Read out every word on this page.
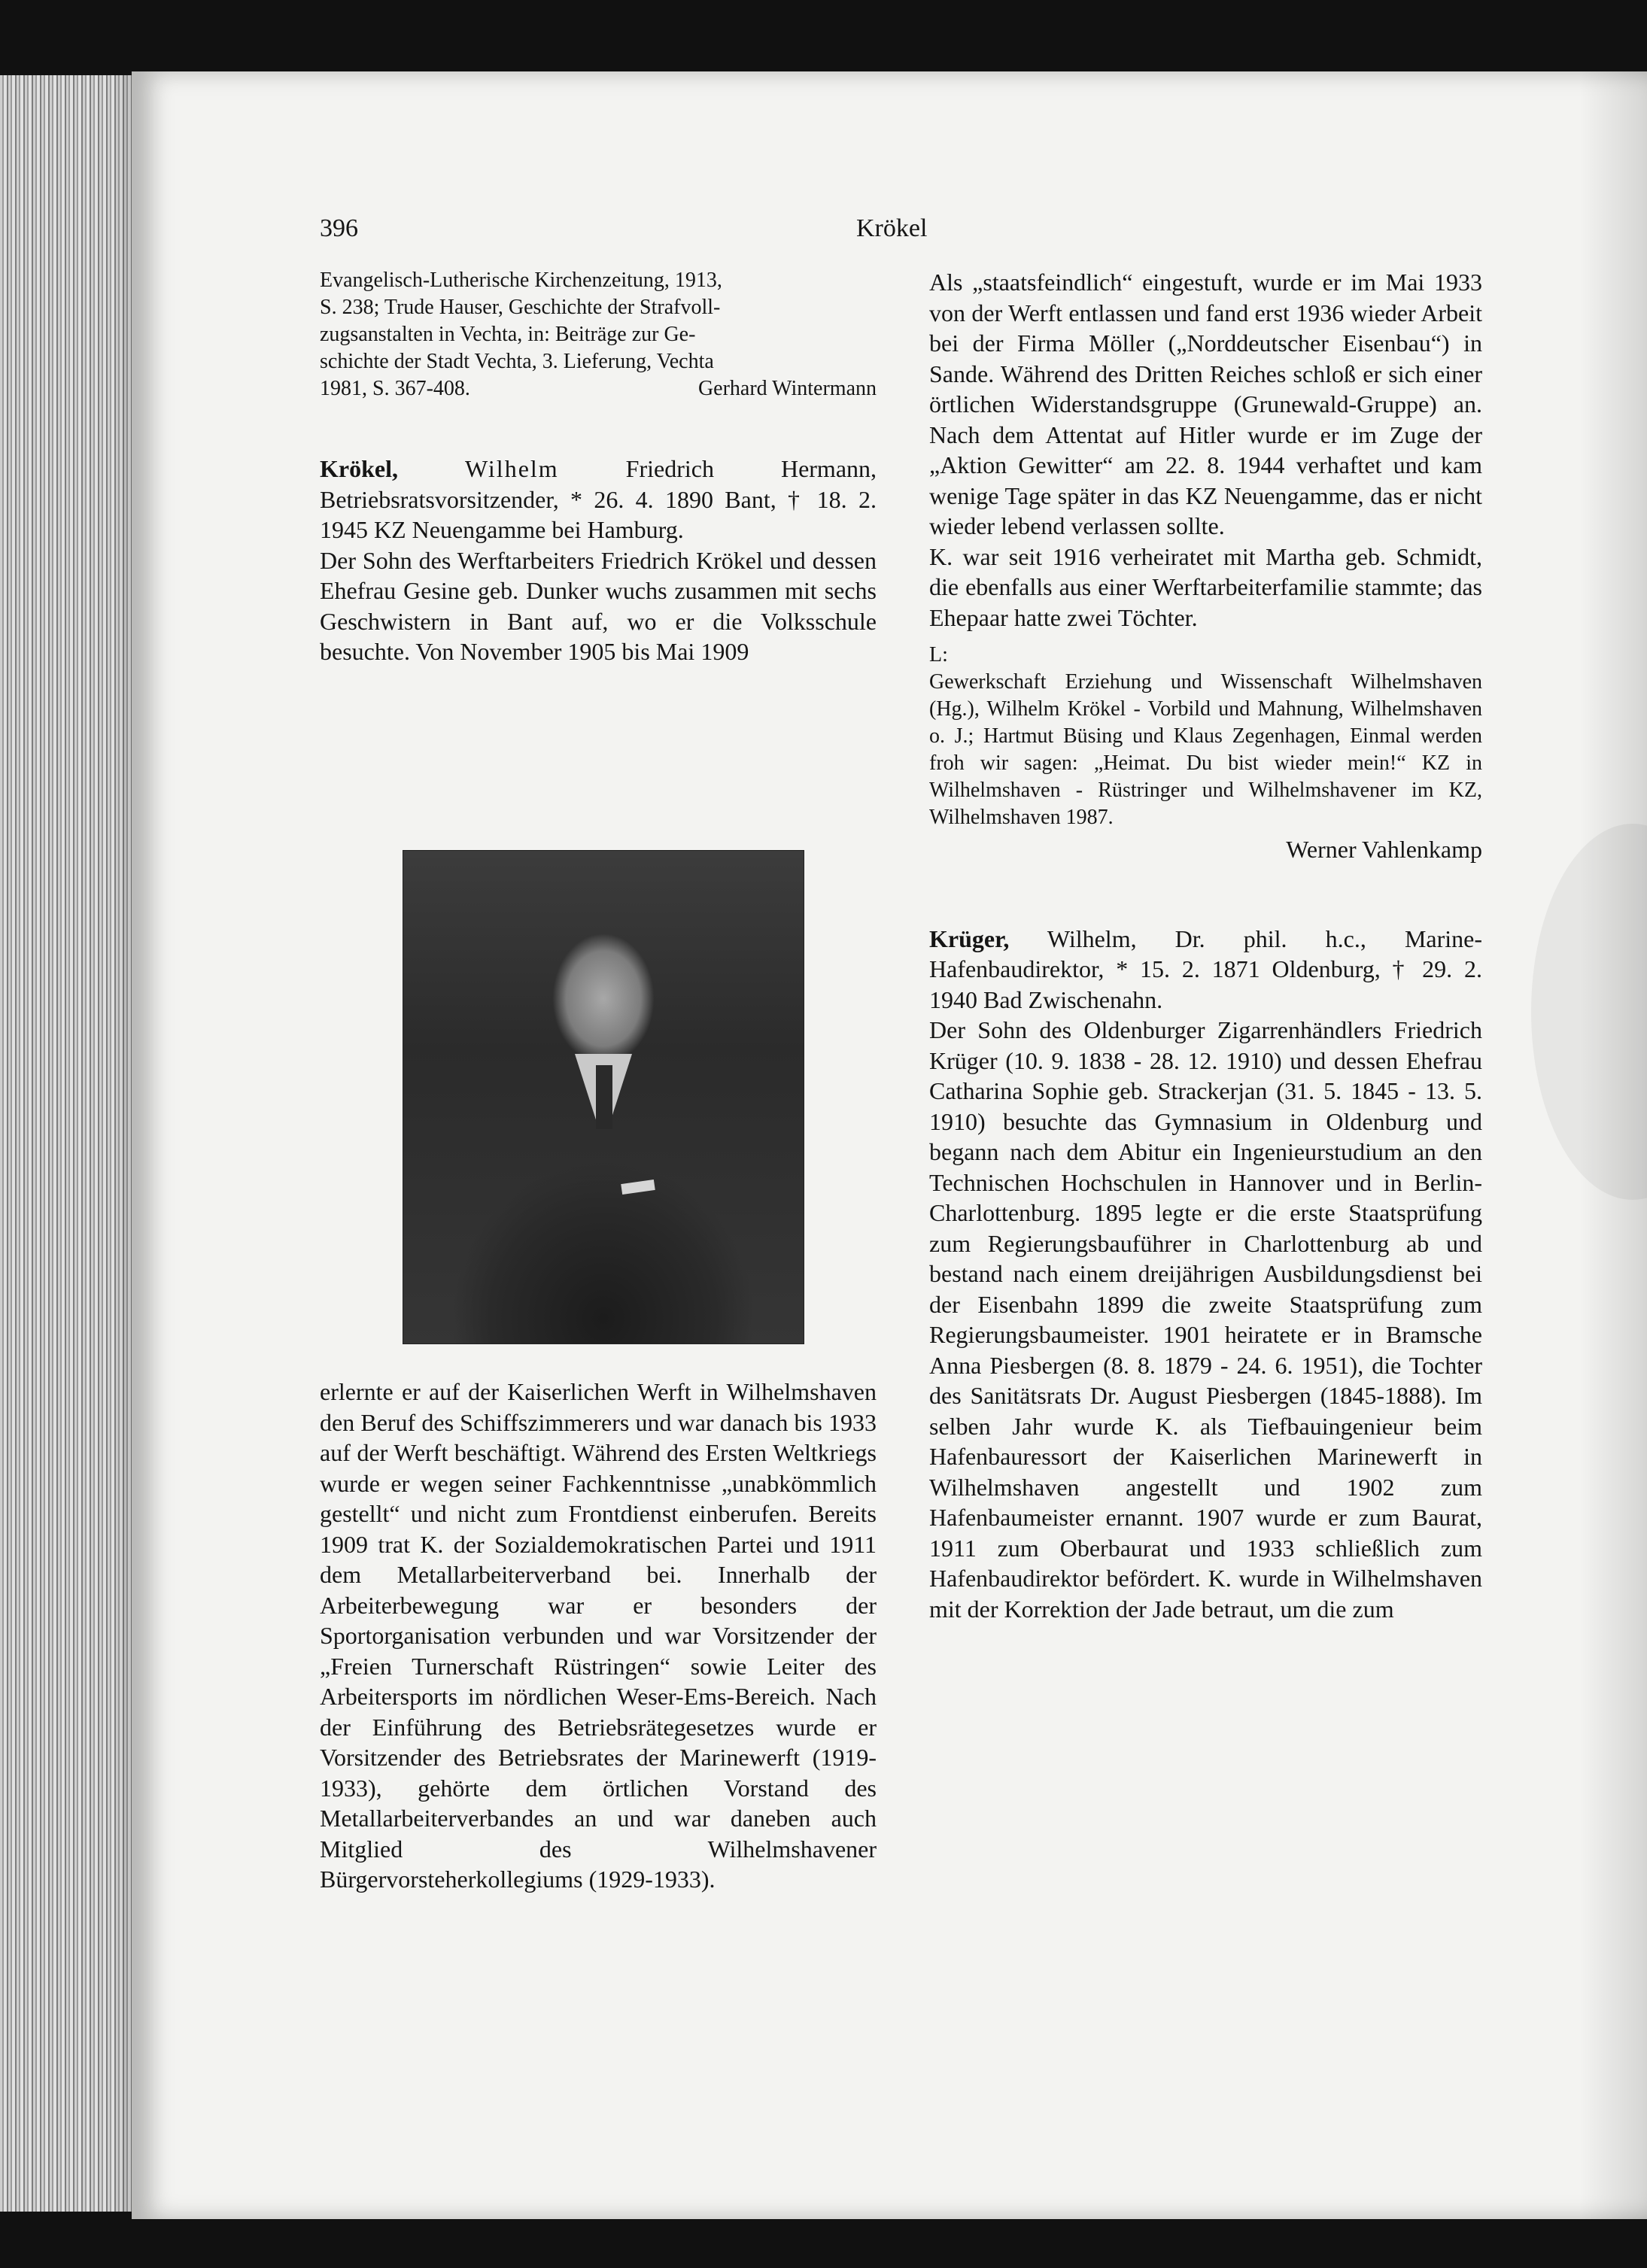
396	Krökel
Evangelisch-Lutherische Kirchenzeitung, 1913,
S. 238; Trude Hauser, Geschichte der Strafvoll-
zugsanstalten in Vechta, in: Beiträge zur Ge-
schichte der Stadt Vechta, 3. Lieferung, Vechta
1981, S. 367-408.	Gerhard Wintermann

Krökel,	Wilhelm	Friedrich Hermann, Betriebsratsvorsitzender, * 26. 4. 1890 Bant, † 18. 2. 1945 KZ Neuengamme bei Hamburg.

Der Sohn des Werftarbeiters Friedrich Krökel und dessen Ehefrau Gesine geb. Dunker wuchs zusammen mit sechs Geschwistern in Bant auf, wo er die Volksschule besuchte. Von November 1905 bis Mai 1909

erlernte er auf der Kaiserlichen Werft in Wilhelmshaven den Beruf des Schiffszimmerers und war danach bis 1933 auf der Werft beschäftigt. Während des Ersten Weltkriegs wurde er wegen seiner Fachkenntnisse „unabkömmlich gestellt“ und nicht zum Frontdienst einberufen. Bereits 1909 trat K. der Sozialdemokratischen Partei und 1911 dem Metallarbeiterverband bei. Innerhalb der Arbeiterbewegung war er besonders der Sportorganisation verbunden und war Vorsitzender der „Freien Turnerschaft Rüstringen“ sowie Leiter des Arbeitersports im nördlichen Weser-Ems-Bereich. Nach der Einführung des Betriebsrätegesetzes wurde er Vorsitzender des Betriebsrates der Marinewerft (1919-1933), gehörte dem örtlichen Vorstand des Metallarbeiterverbandes an und war daneben auch Mitglied des Wilhelmshavener Bürgervorsteherkollegiums (1929-1933).

Als „staatsfeindlich“ eingestuft, wurde er im Mai 1933 von der Werft entlassen und fand erst 1936 wieder Arbeit bei der Firma Möller („Norddeutscher Eisenbau“) in Sande. Während des Dritten Reiches schloß er sich einer örtlichen Widerstandsgruppe (Grunewald-Gruppe) an. Nach dem Attentat auf Hitler wurde er im Zuge der „Aktion Gewitter“ am 22. 8. 1944 verhaftet und kam wenige Tage später in das KZ Neuengamme, das er nicht wieder lebend verlassen sollte.

K. war seit 1916 verheiratet mit Martha geb. Schmidt, die ebenfalls aus einer Werftarbeiterfamilie stammte; das Ehepaar hatte zwei Töchter.

L:
Gewerkschaft Erziehung und Wissenschaft Wilhelmshaven (Hg.), Wilhelm Krökel - Vorbild und Mahnung, Wilhelmshaven o. J.; Hartmut Büsing und Klaus Zegenhagen, Einmal werden froh wir sagen: „Heimat. Du bist wieder mein!“ KZ in Wilhelmshaven - Rüstringer und Wilhelmshavener im KZ, Wilhelmshaven 1987.
Werner Vahlenkamp

Krüger, Wilhelm, Dr. phil. h.c., Marine-Hafenbaudirektor, * 15. 2. 1871 Oldenburg, † 29. 2. 1940 Bad Zwischenahn.

Der Sohn des Oldenburger Zigarrenhändlers Friedrich Krüger (10. 9. 1838 - 28. 12. 1910) und dessen Ehefrau Catharina Sophie geb. Strackerjan (31. 5. 1845 - 13. 5. 1910) besuchte das Gymnasium in Oldenburg und begann nach dem Abitur ein Ingenieurstudium an den Technischen Hochschulen in Hannover und in Berlin-Charlottenburg. 1895 legte er die erste Staatsprüfung zum Regierungsbauführer in Charlottenburg ab und bestand nach einem dreijährigen Ausbildungsdienst bei der Eisenbahn 1899 die zweite Staatsprüfung zum Regierungsbaumeister. 1901 heiratete er in Bramsche Anna Piesbergen (8. 8. 1879 - 24. 6. 1951), die Tochter des Sanitätsrats Dr. August Piesbergen (1845-1888). Im selben Jahr wurde K. als Tiefbauingenieur beim Hafenbauressort der Kaiserlichen Marinewerft in Wilhelmshaven angestellt und 1902 zum Hafenbaumeister ernannt. 1907 wurde er zum Baurat, 1911 zum Oberbaurat und 1933 schließlich zum Hafenbaudirektor befördert. K. wurde in Wilhelmshaven mit der Korrektion der Jade betraut, um die zum
